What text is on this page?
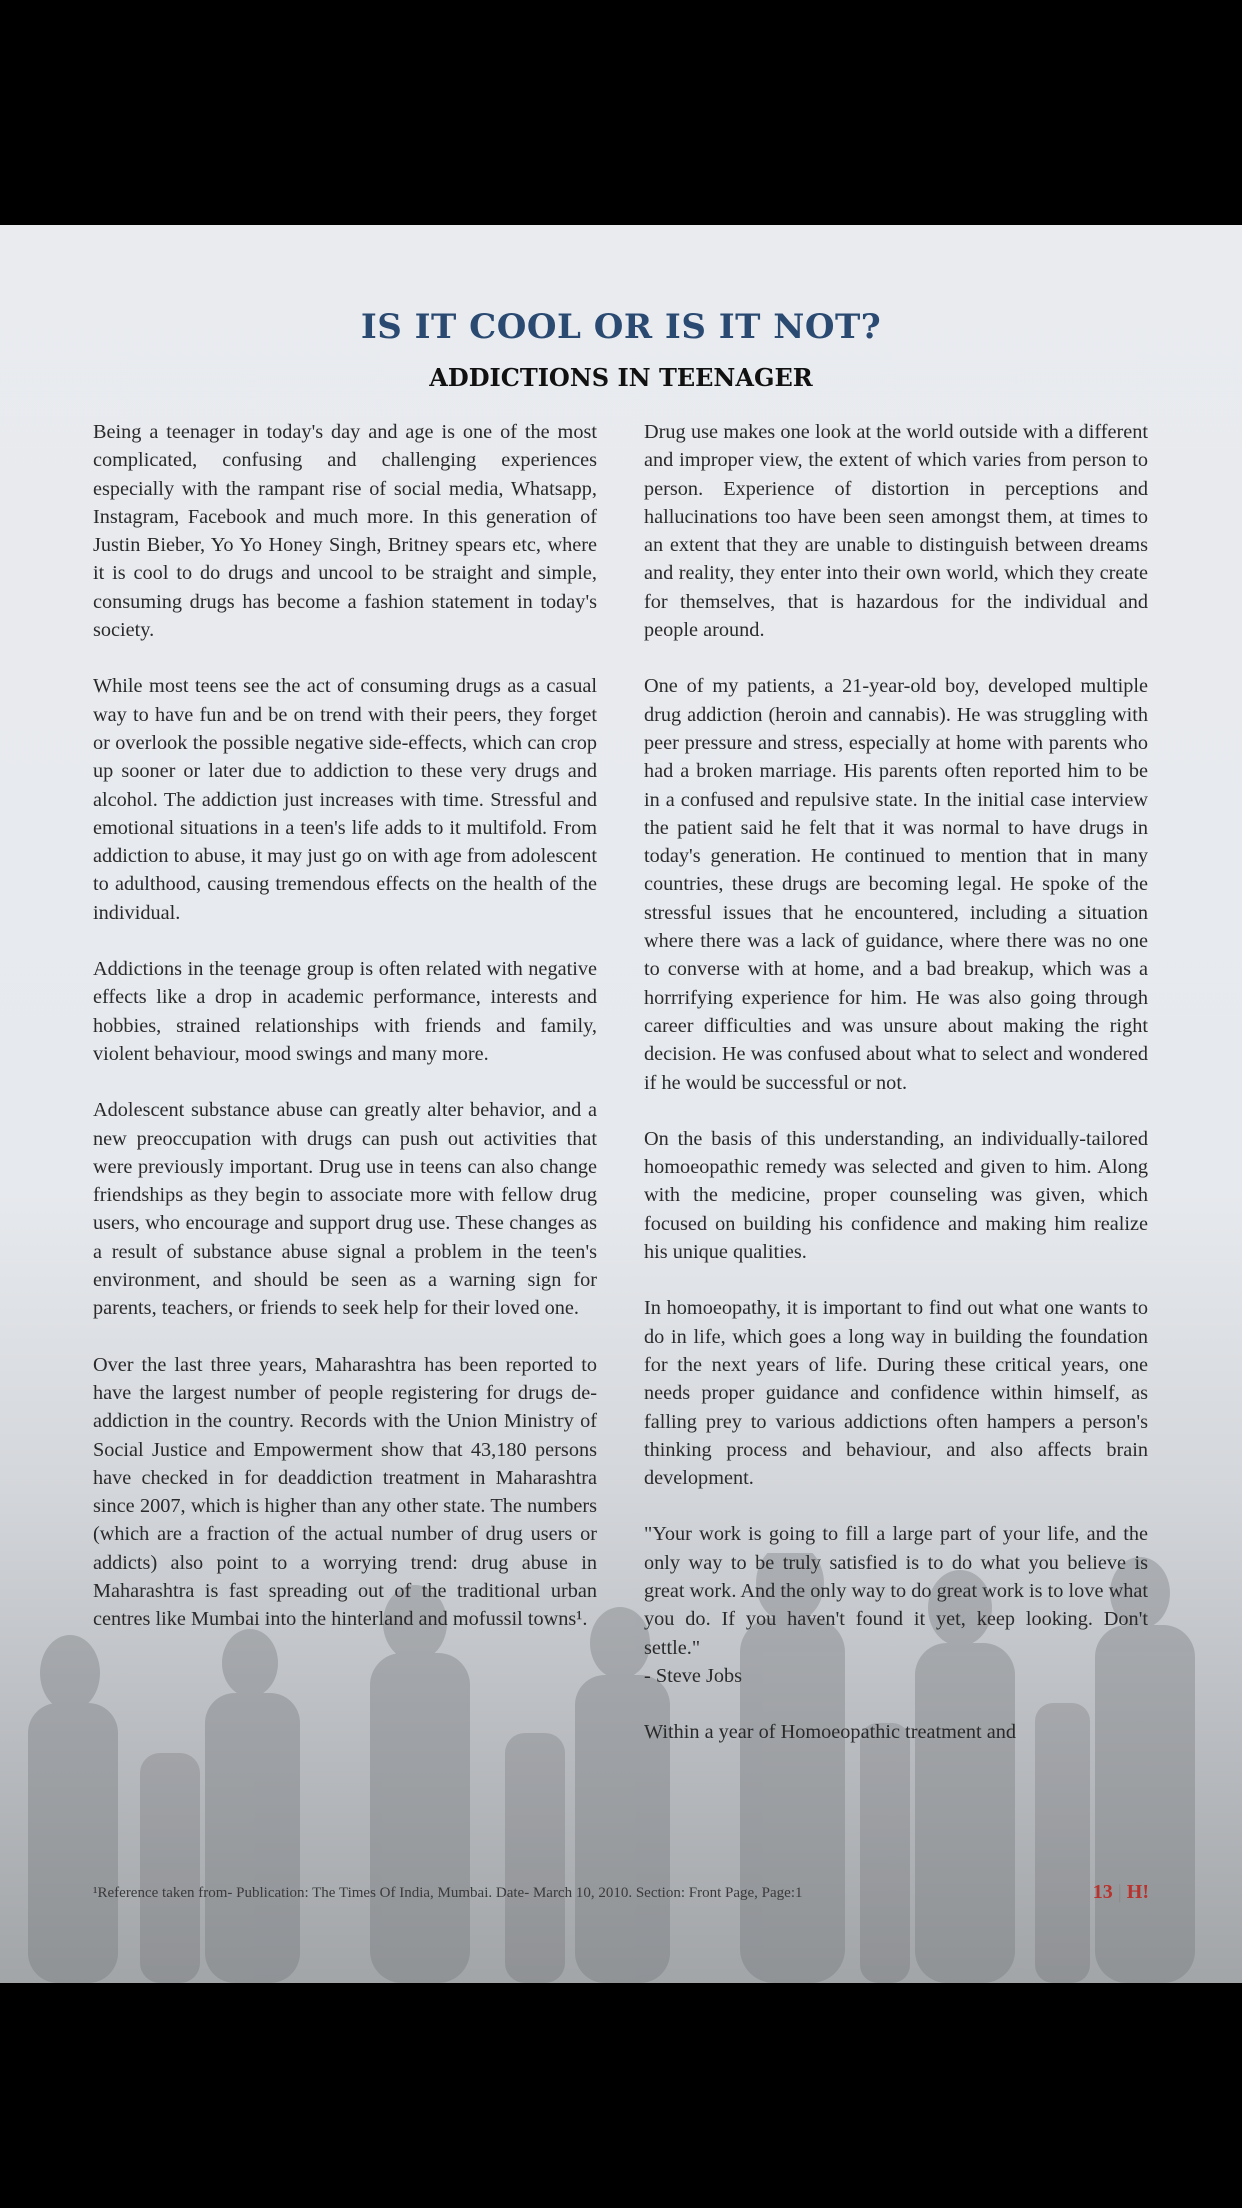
IS IT COOL OR IS IT NOT?
ADDICTIONS IN TEENAGER

Being a teenager in today's day and age is one of the most complicated, confusing and challenging experiences especially with the rampant rise of social media, Whatsapp, Instagram, Facebook and much more. In this generation of Justin Bieber, Yo Yo Honey Singh, Britney spears etc, where it is cool to do drugs and uncool to be straight and simple, consuming drugs has become a fashion statement in today's society.

While most teens see the act of consuming drugs as a casual way to have fun and be on trend with their peers, they forget or overlook the possible negative side-effects, which can crop up sooner or later due to addiction to these very drugs and alcohol. The addiction just increases with time. Stressful and emotional situations in a teen's life adds to it multifold. From addiction to abuse, it may just go on with age from adolescent to adulthood, causing tremendous effects on the health of the individual.

Addictions in the teenage group is often related with negative effects like a drop in academic performance, interests and hobbies, strained relationships with friends and family, violent behaviour, mood swings and many more.

Adolescent substance abuse can greatly alter behavior, and a new preoccupation with drugs can push out activities that were previously important. Drug use in teens can also change friendships as they begin to associate more with fellow drug users, who encourage and support drug use. These changes as a result of substance abuse signal a problem in the teen's environment, and should be seen as a warning sign for parents, teachers, or friends to seek help for their loved one.

Over the last three years, Maharashtra has been reported to have the largest number of people registering for drugs de-addiction in the country. Records with the Union Ministry of Social Justice and Empowerment show that 43,180 persons have checked in for deaddiction treatment in Maharashtra since 2007, which is higher than any other state. The numbers (which are a fraction of the actual number of drug users or addicts) also point to a worrying trend: drug abuse in Maharashtra is fast spreading out of the traditional urban centres like Mumbai into the hinterland and mofussil towns¹.

Drug use makes one look at the world outside with a different and improper view, the extent of which varies from person to person. Experience of distortion in perceptions and hallucinations too have been seen amongst them, at times to an extent that they are unable to distinguish between dreams and reality, they enter into their own world, which they create for themselves, that is hazardous for the individual and people around.

One of my patients, a 21-year-old boy, developed multiple drug addiction (heroin and cannabis). He was struggling with peer pressure and stress, especially at home with parents who had a broken marriage. His parents often reported him to be in a confused and repulsive state. In the initial case interview the patient said he felt that it was normal to have drugs in today's generation. He continued to mention that in many countries, these drugs are becoming legal. He spoke of the stressful issues that he encountered, including a situation where there was a lack of guidance, where there was no one to converse with at home, and a bad breakup, which was a horrrifying experience for him. He was also going through career difficulties and was unsure about making the right decision. He was confused about what to select and wondered if he would be successful or not.

On the basis of this understanding, an individually-tailored homoeopathic remedy was selected and given to him. Along with the medicine, proper counseling was given, which focused on building his confidence and making him realize his unique qualities.

In homoeopathy, it is important to find out what one wants to do in life, which goes a long way in building the foundation for the next years of life. During these critical years, one needs proper guidance and confidence within himself, as falling prey to various addictions often hampers a person's thinking process and behaviour, and also affects brain development.

"Your work is going to fill a large part of your life, and the only way to be truly satisfied is to do what you believe is great work. And the only way to do great work is to love what you do. If you haven't found it yet, keep looking. Don't settle."
- Steve Jobs

Within a year of Homoeopathic treatment and

¹Reference taken from- Publication: The Times Of India, Mumbai. Date- March 10, 2010. Section: Front Page, Page:1	13 | H!
